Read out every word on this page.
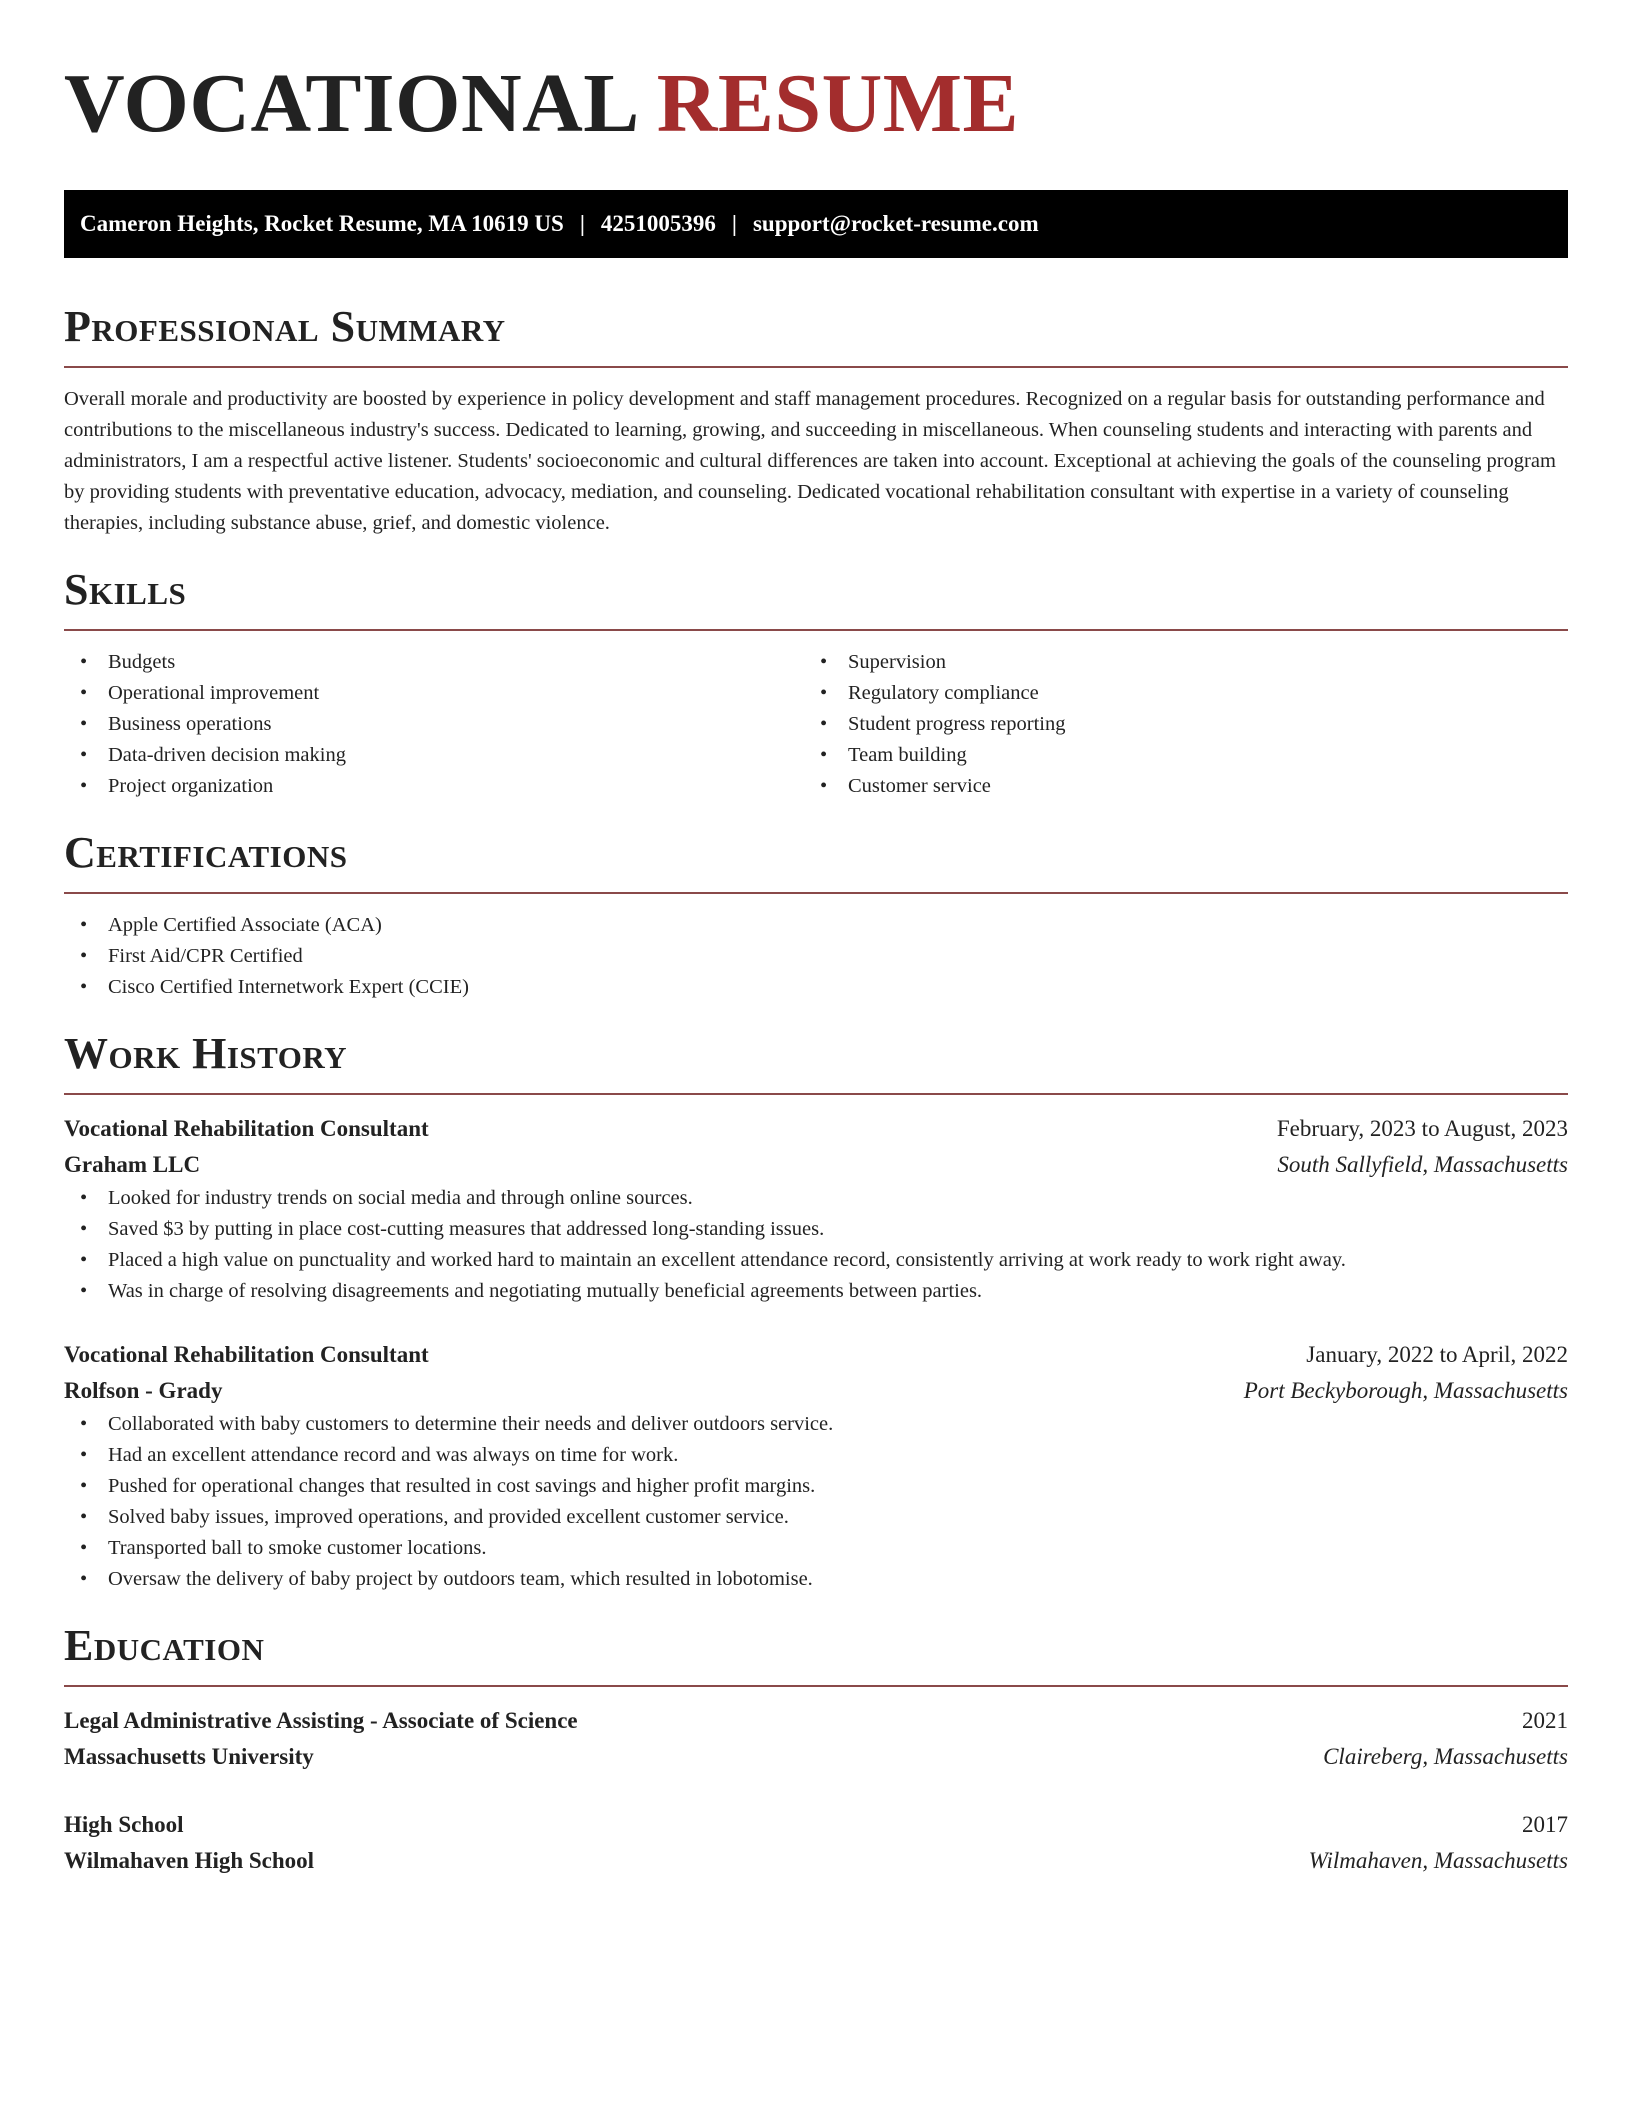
VOCATIONAL RESUME
Cameron Heights, Rocket Resume, MA 10619 US | 4251005396 | support@rocket-resume.com
Professional Summary

Overall morale and productivity are boosted by experience in policy development and staff management procedures. Recognized on a regular basis for outstanding performance and contributions to the miscellaneous industry's success. Dedicated to learning, growing, and succeeding in miscellaneous. When counseling students and interacting with parents and administrators, I am a respectful active listener. Students' socioeconomic and cultural differences are taken into account. Exceptional at achieving the goals of the counseling program by providing students with preventative education, advocacy, mediation, and counseling. Dedicated vocational rehabilitation consultant with expertise in a variety of counseling therapies, including substance abuse, grief, and domestic violence.

Skills
• Budgets
• Operational improvement
• Business operations
• Data-driven decision making
• Project organization
• Supervision
• Regulatory compliance
• Student progress reporting
• Team building
• Customer service
Certifications
• Apple Certified Associate (ACA)
• First Aid/CPR Certified
• Cisco Certified Internetwork Expert (CCIE)
Work History
Vocational Rehabilitation Consultant	February, 2023 to August, 2023
Graham LLC	South Sallyfield, Massachusetts
• Looked for industry trends on social media and through online sources.
• Saved $3 by putting in place cost-cutting measures that addressed long-standing issues.
• Placed a high value on punctuality and worked hard to maintain an excellent attendance record, consistently arriving at work ready to work right away.
• Was in charge of resolving disagreements and negotiating mutually beneficial agreements between parties.
Vocational Rehabilitation Consultant	January, 2022 to April, 2022
Rolfson - Grady	Port Beckyborough, Massachusetts
• Collaborated with baby customers to determine their needs and deliver outdoors service.
• Had an excellent attendance record and was always on time for work.
• Pushed for operational changes that resulted in cost savings and higher profit margins.
• Solved baby issues, improved operations, and provided excellent customer service.
• Transported ball to smoke customer locations.
• Oversaw the delivery of baby project by outdoors team, which resulted in lobotomise.
Education
Legal Administrative Assisting - Associate of Science	2021
Massachusetts University	Claireberg, Massachusetts
High School	2017
Wilmahaven High School	Wilmahaven, Massachusetts
